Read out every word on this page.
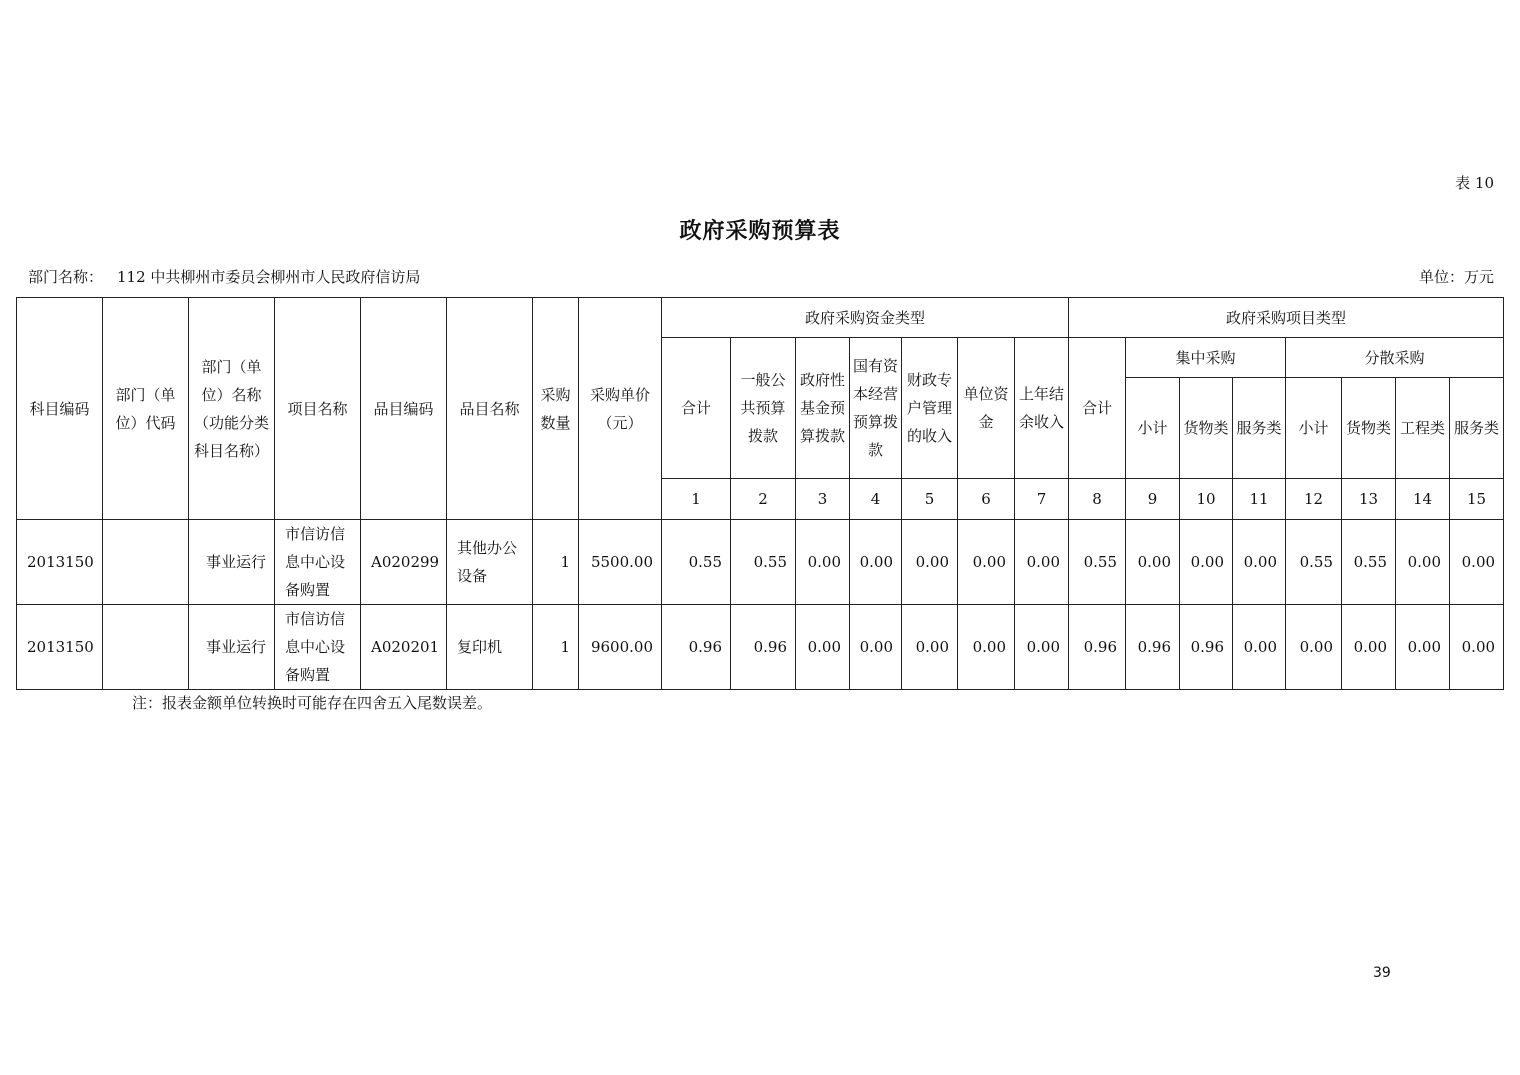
表 10
政府采购预算表
部门名称： 112 中共柳州市委员会柳州市人民政府信访局	单位：万元
科目编码	部门（单位）代码	部门（单位）名称（功能分类科目名称）	项目名称	品目编码	品目名称	采购数量	采购单价（元）	政府采购资金类型							政府采购项目类型							
								合计	一般公共预算拨款	政府性基金预算拨款	国有资本经营预算拨款	财政专户管理的收入	单位资金	上年结余收入	合计	集中采购			分散采购			
																小计	货物类	服务类	小计	货物类	工程类	服务类
								1	2	3	4	5	6	7	8	9	10	11	12	13	14	15
2013150		事业运行	市信访信息中心设备购置	A020299	其他办公设备	1	5500.00	0.55	0.55	0.00	0.00	0.00	0.00	0.00	0.55	0.00	0.00	0.00	0.55	0.55	0.00	0.00
2013150		事业运行	市信访信息中心设备购置	A020201	复印机	1	9600.00	0.96	0.96	0.00	0.00	0.00	0.00	0.00	0.96	0.96	0.96	0.00	0.00	0.00	0.00	0.00
注：报表金额单位转换时可能存在四舍五入尾数误差。
39
